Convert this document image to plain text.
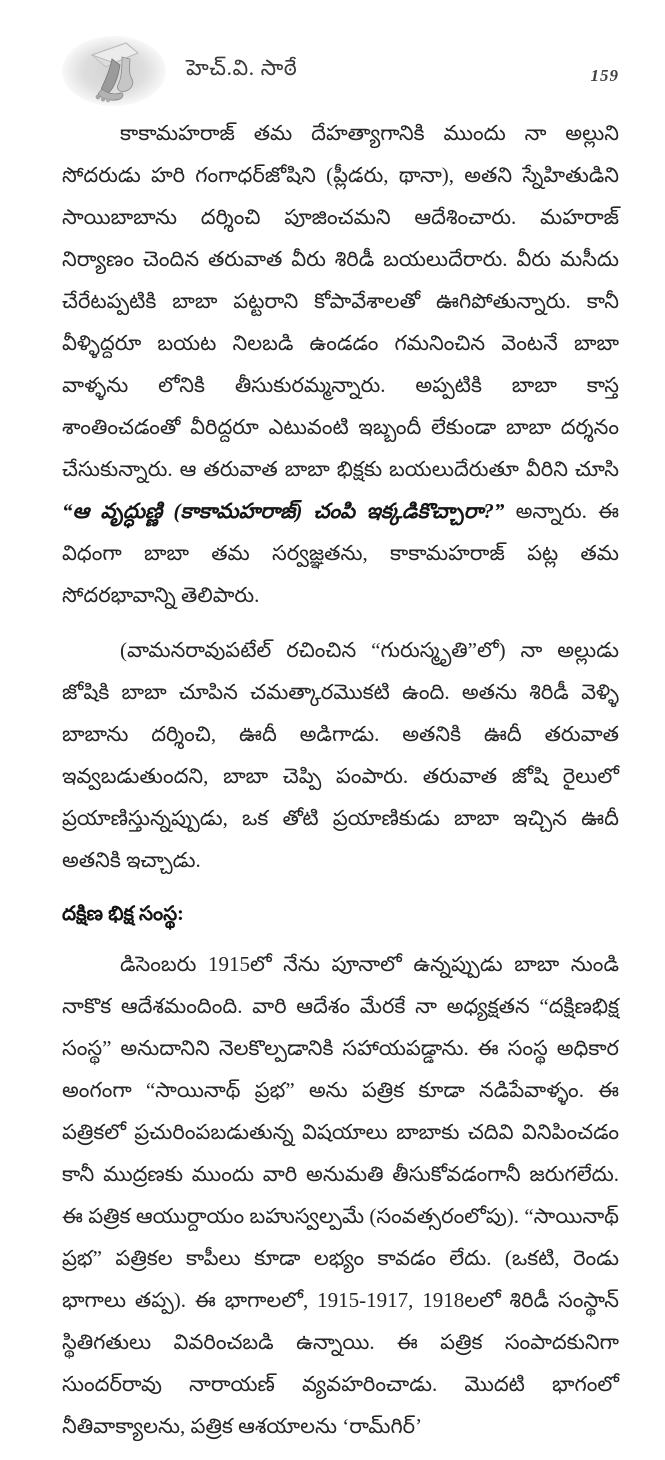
హెచ్.వి. సాఠే	159

కాకామహరాజ్ తమ దేహత్యాగానికి ముందు నా అల్లుని సోదరుడు హరి గంగాధర్‌జోషిని (ప్లీడరు, థానా), అతని స్నేహితుడిని సాయిబాబాను దర్శించి పూజించమని ఆదేశించారు. మహరాజ్ నిర్యాణం చెందిన తరువాత వీరు శిరిడీ బయలుదేరారు. వీరు మసీదు చేరేటప్పటికి బాబా పట్టరాని కోపావేశాలతో ఊగిపోతున్నారు. కానీ వీళ్ళిద్దరూ బయట నిలబడి ఉండడం గమనించిన వెంటనే బాబా వాళ్ళను లోనికి తీసుకురమ్మన్నారు. అప్పటికి బాబా కాస్త శాంతించడంతో వీరిద్దరూ ఎటువంటి ఇబ్బందీ లేకుండా బాబా దర్శనం చేసుకున్నారు. ఆ తరువాత బాబా భిక్షకు బయలుదేరుతూ వీరిని చూసి “ఆ వృద్ధుణ్ణి (కాకామహరాజ్‌) చంపి ఇక్కడికొచ్చారా?” అన్నారు. ఈ విధంగా బాబా తమ సర్వజ్ఞతను, కాకామహరాజ్ పట్ల తమ సోదరభావాన్ని తెలిపారు.

(వామనరావుపటేల్ రచించిన “గురుస్మృతి”లో) నా అల్లుడు జోషికి బాబా చూపిన చమత్కారమొకటి ఉంది. అతను శిరిడీ వెళ్ళి బాబాను దర్శించి, ఊదీ అడిగాడు. అతనికి ఊదీ తరువాత ఇవ్వబడుతుందని, బాబా చెప్పి పంపారు. తరువాత జోషి రైలులో ప్రయాణిస్తున్నప్పుడు, ఒక తోటి ప్రయాణికుడు బాబా ఇచ్చిన ఊదీ అతనికి ఇచ్చాడు.

దక్షిణ భిక్ష సంస్థ:

డిసెంబరు 1915లో నేను పూనాలో ఉన్నప్పుడు బాబా నుండి నాకొక ఆదేశమందింది. వారి ఆదేశం మేరకే నా అధ్యక్షతన “దక్షిణభిక్ష సంస్థ” అనుదానిని నెలకొల్పడానికి సహాయపడ్డాను. ఈ సంస్థ అధికార అంగంగా “సాయినాథ్ ప్రభ” అను పత్రిక కూడా నడిపేవాళ్ళం. ఈ పత్రికలో ప్రచురింపబడుతున్న విషయాలు బాబాకు చదివి వినిపించడం కానీ ముద్రణకు ముందు వారి అనుమతి తీసుకోవడంగానీ జరుగలేదు. ఈ పత్రిక ఆయుర్దాయం బహుస్వల్పమే (సంవత్సరంలోపు). “సాయినాథ్ ప్రభ” పత్రికల కాపీలు కూడా లభ్యం కావడం లేదు. (ఒకటి, రెండు భాగాలు తప్ప). ఈ భాగాలలో, 1915-1917, 1918లలో శిరిడీ సంస్థాన్ స్థితిగతులు వివరించబడి ఉన్నాయి. ఈ పత్రిక సంపాదకునిగా సుందర్‌రావు నారాయణ్ వ్యవహరించాడు. మొదటి భాగంలో నీతివాక్యాలను, పత్రిక ఆశయాలను ‘రామ్‌గిర్’
